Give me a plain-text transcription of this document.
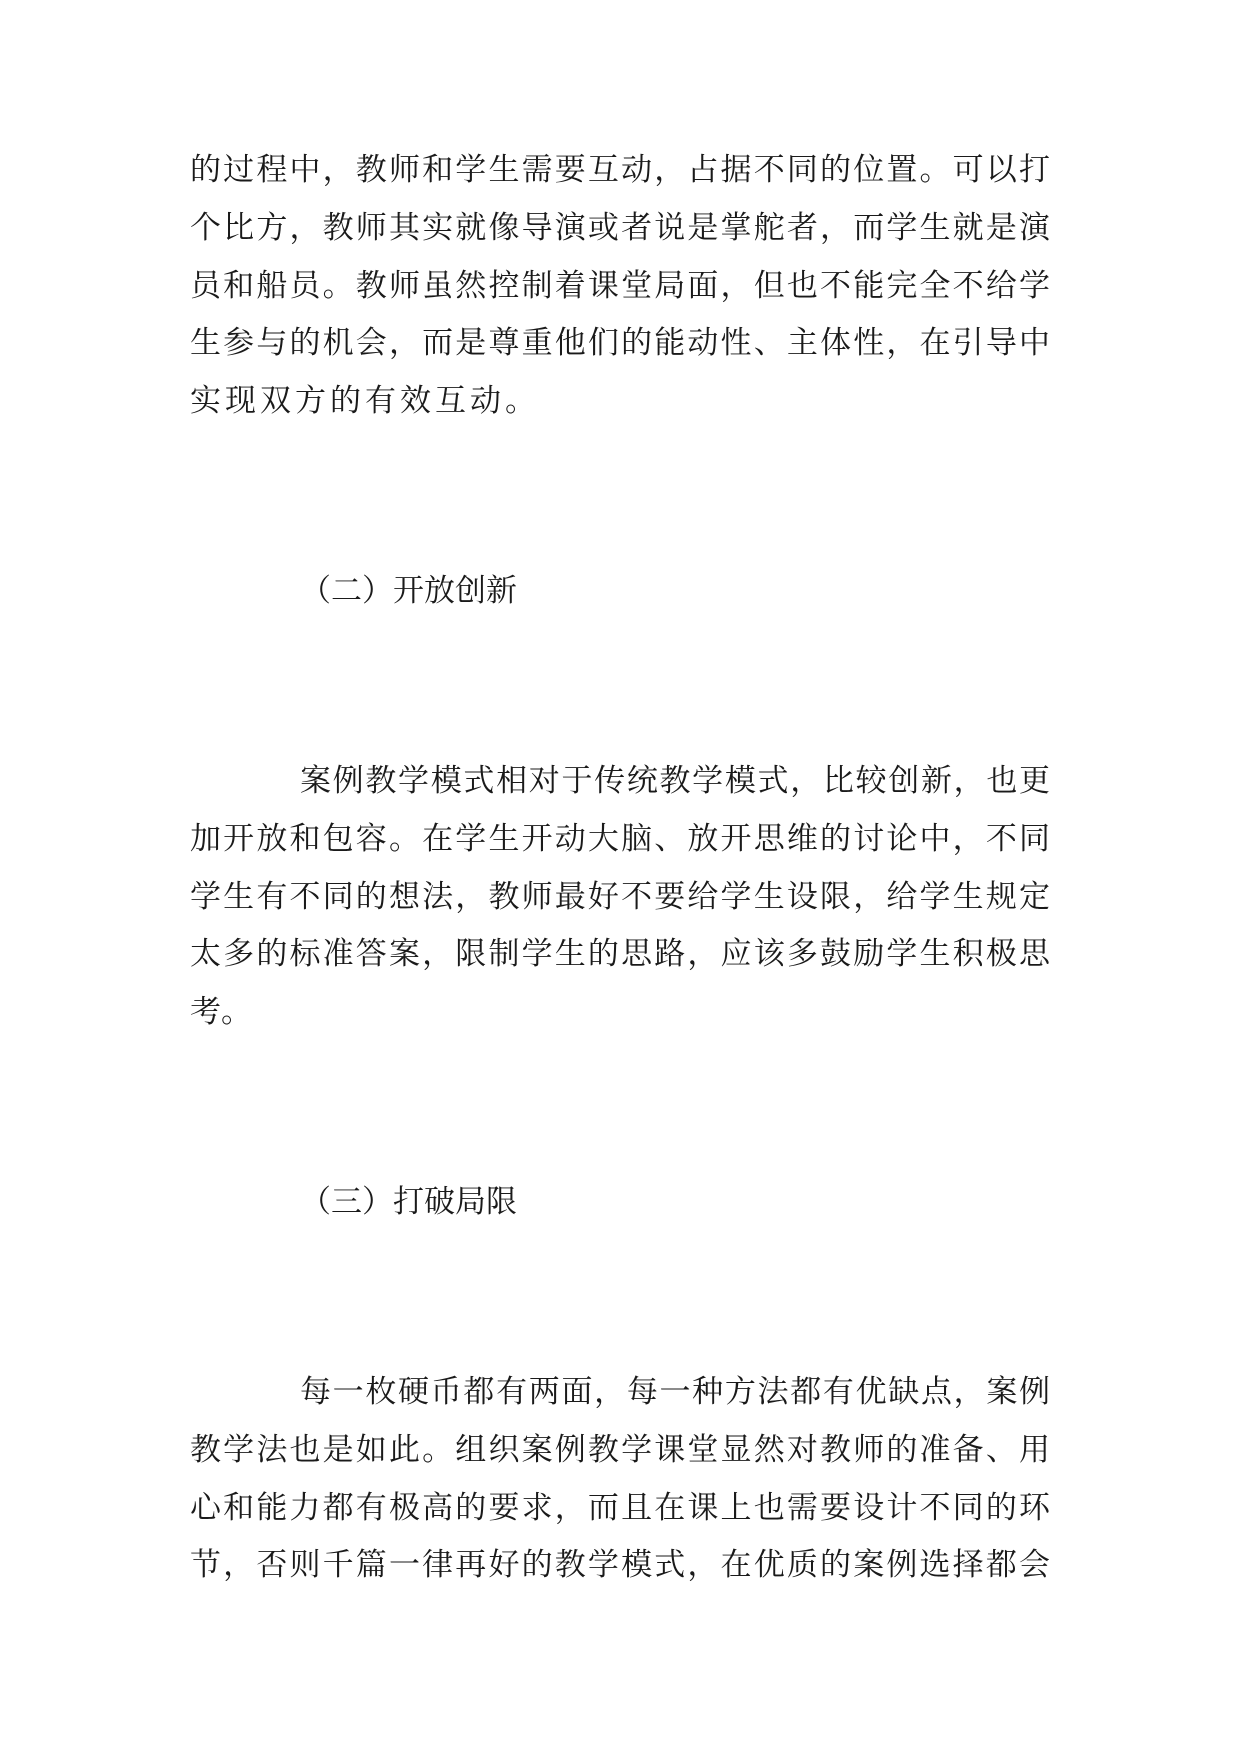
的过程中，教师和学生需要互动，占据不同的位置。可以打
个比方，教师其实就像导演或者说是掌舵者，而学生就是演
员和船员。教师虽然控制着课堂局面，但也不能完全不给学
生参与的机会，而是尊重他们的能动性、主体性，在引导中
实现双方的有效互动。
（二）开放创新
案例教学模式相对于传统教学模式，比较创新，也更
加开放和包容。在学生开动大脑、放开思维的讨论中，不同
学生有不同的想法，教师最好不要给学生设限，给学生规定
太多的标准答案，限制学生的思路，应该多鼓励学生积极思
考。
（三）打破局限
每一枚硬币都有两面，每一种方法都有优缺点，案例
教学法也是如此。组织案例教学课堂显然对教师的准备、用
心和能力都有极高的要求，而且在课上也需要设计不同的环
节，否则千篇一律再好的教学模式，在优质的案例选择都会
